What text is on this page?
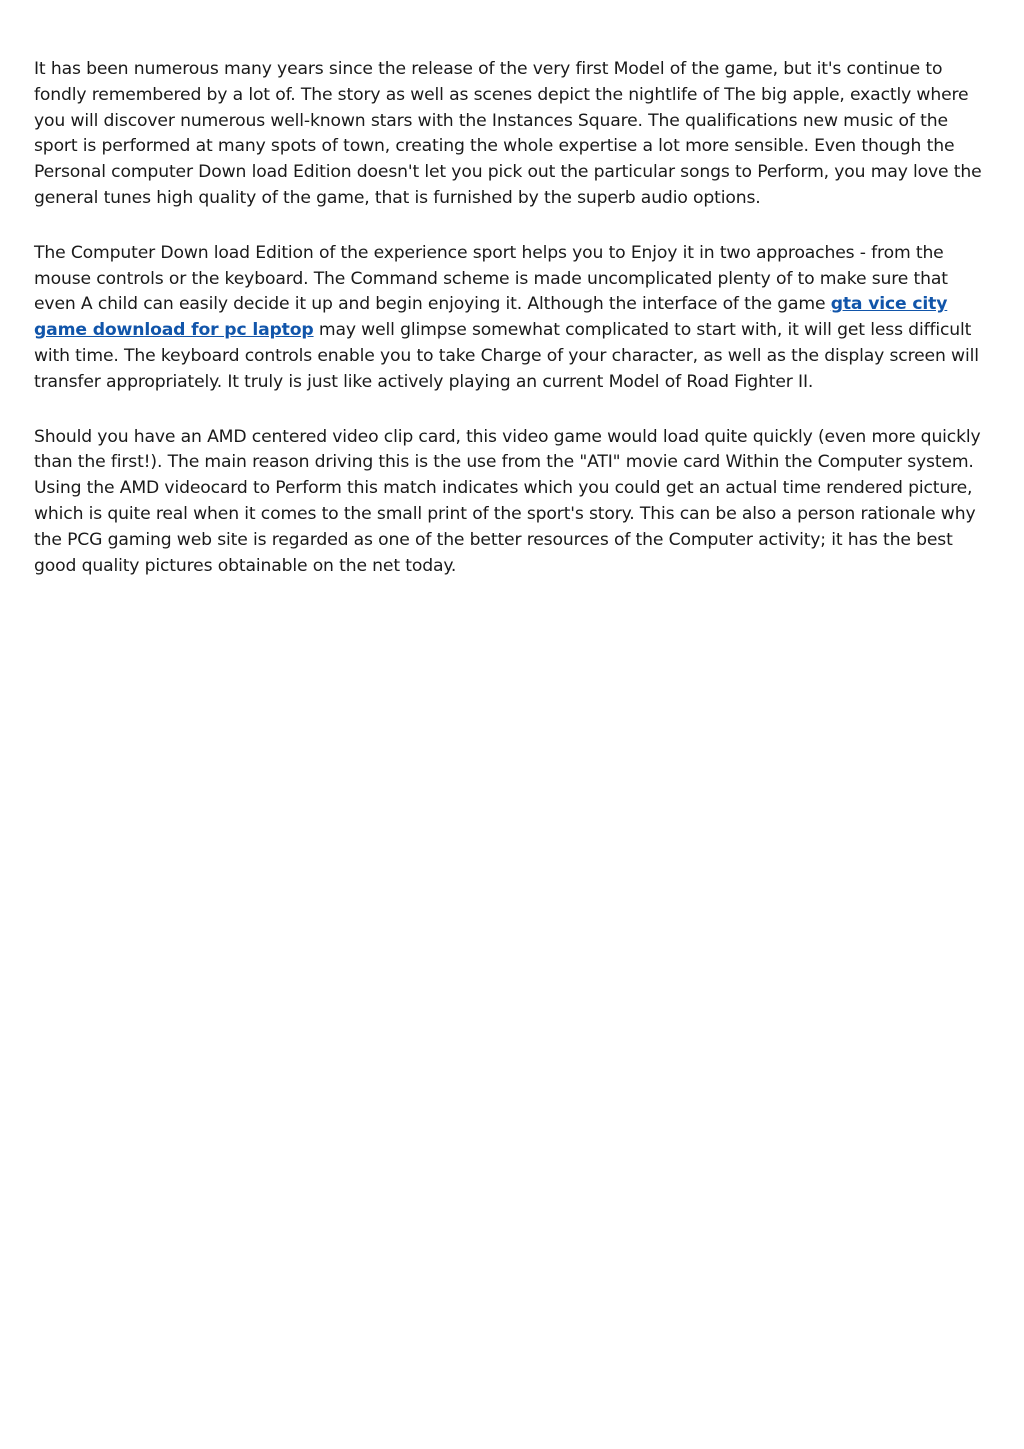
It has been numerous many years since the release of the very first Model of the game, but it's continue to fondly remembered by a lot of. The story as well as scenes depict the nightlife of The big apple, exactly where you will discover numerous well-known stars with the Instances Square. The qualifications new music of the sport is performed at many spots of town, creating the whole expertise a lot more sensible. Even though the Personal computer Down load Edition doesn't let you pick out the particular songs to Perform, you may love the general tunes high quality of the game, that is furnished by the superb audio options.

The Computer Down load Edition of the experience sport helps you to Enjoy it in two approaches - from the mouse controls or the keyboard. The Command scheme is made uncomplicated plenty of to make sure that even A child can easily decide it up and begin enjoying it. Although the interface of the game gta vice city game download for pc laptop may well glimpse somewhat complicated to start with, it will get less difficult with time. The keyboard controls enable you to take Charge of your character, as well as the display screen will transfer appropriately. It truly is just like actively playing an current Model of Road Fighter II.

Should you have an AMD centered video clip card, this video game would load quite quickly (even more quickly than the first!). The main reason driving this is the use from the "ATI" movie card Within the Computer system. Using the AMD videocard to Perform this match indicates which you could get an actual time rendered picture, which is quite real when it comes to the small print of the sport's story. This can be also a person rationale why the PCG gaming web site is regarded as one of the better resources of the Computer activity; it has the best good quality pictures obtainable on the net today.
